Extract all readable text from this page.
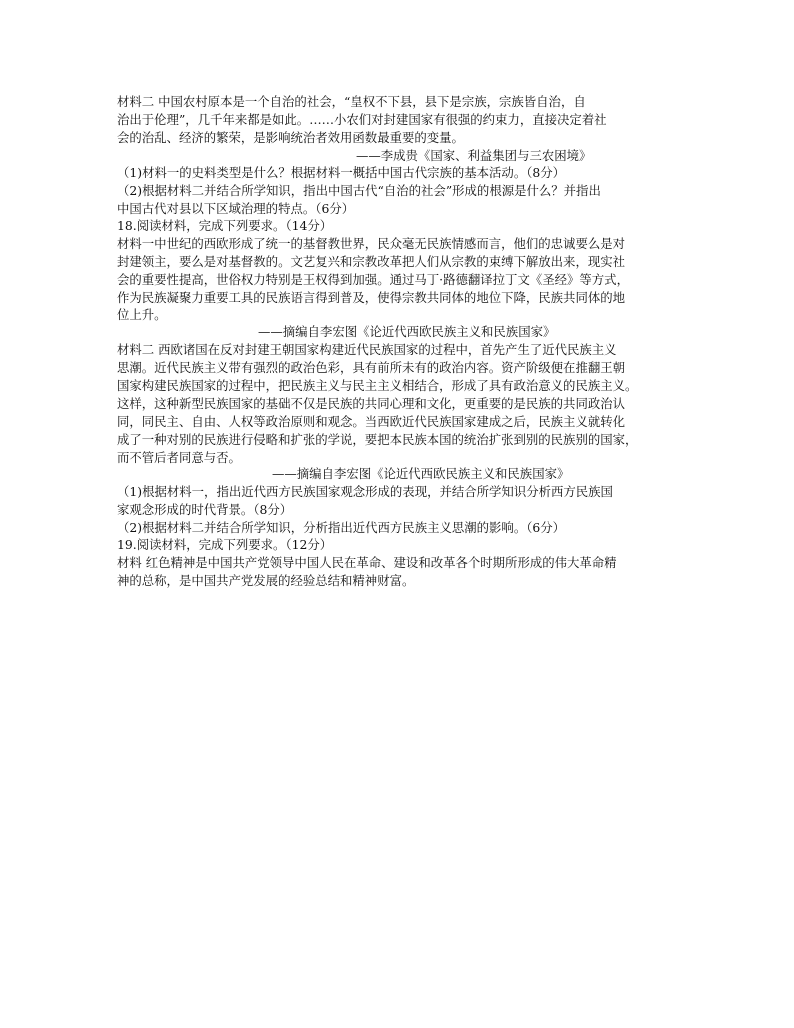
材料二 中国农村原本是一个自治的社会，“皇权不下县，县下是宗族，宗族皆自治，自
治出于伦理”，几千年来都是如此。……小农们对封建国家有很强的约束力，直接决定着社
会的治乱、经济的繁荣，是影响统治者效用函数最重要的变量。
——李成贵《国家、利益集团与三农困境》
（1)材料一的史料类型是什么？根据材料一概括中国古代宗族的基本活动。（8分）
（2)根据材料二并结合所学知识，指出中国古代“自治的社会”形成的根源是什么？并指出
中国古代对县以下区域治理的特点。（6分）
18.阅读材料，完成下列要求。（14分）
材料一中世纪的西欧形成了统一的基督教世界，民众毫无民族情感而言，他们的忠诚要么是对
封建领主，要么是对基督教的。文艺复兴和宗教改革把人们从宗教的束缚下解放出来，现实社
会的重要性提高，世俗权力特别是王权得到加强。通过马丁·路德翻译拉丁文《圣经》等方式，
作为民族凝聚力重要工具的民族语言得到普及，使得宗教共同体的地位下降，民族共同体的地
位上升。
——摘编自李宏图《论近代西欧民族主义和民族国家》
材料二 西欧诸国在反对封建王朝国家构建近代民族国家的过程中，首先产生了近代民族主义
思潮。近代民族主义带有强烈的政治色彩，具有前所未有的政治内容。资产阶级便在推翻王朝
国家构建民族国家的过程中，把民族主义与民主主义相结合，形成了具有政治意义的民族主义。
这样，这种新型民族国家的基础不仅是民族的共同心理和文化，更重要的是民族的共同政治认
同，同民主、自由、人权等政治原则和观念。当西欧近代民族国家建成之后，民族主义就转化
成了一种对别的民族进行侵略和扩张的学说，要把本民族本国的统治扩张到别的民族别的国家，
而不管后者同意与否。
——摘编自李宏图《论近代西欧民族主义和民族国家》
（1)根据材料一，指出近代西方民族国家观念形成的表现，并结合所学知识分析西方民族国
家观念形成的时代背景。（8分）
（2)根据材料二并结合所学知识，分析指出近代西方民族主义思潮的影响。（6分）
19.阅读材料，完成下列要求。（12分）
材料 红色精神是中国共产党领导中国人民在革命、建设和改革各个时期所形成的伟大革命精
神的总称，是中国共产党发展的经验总结和精神财富。
